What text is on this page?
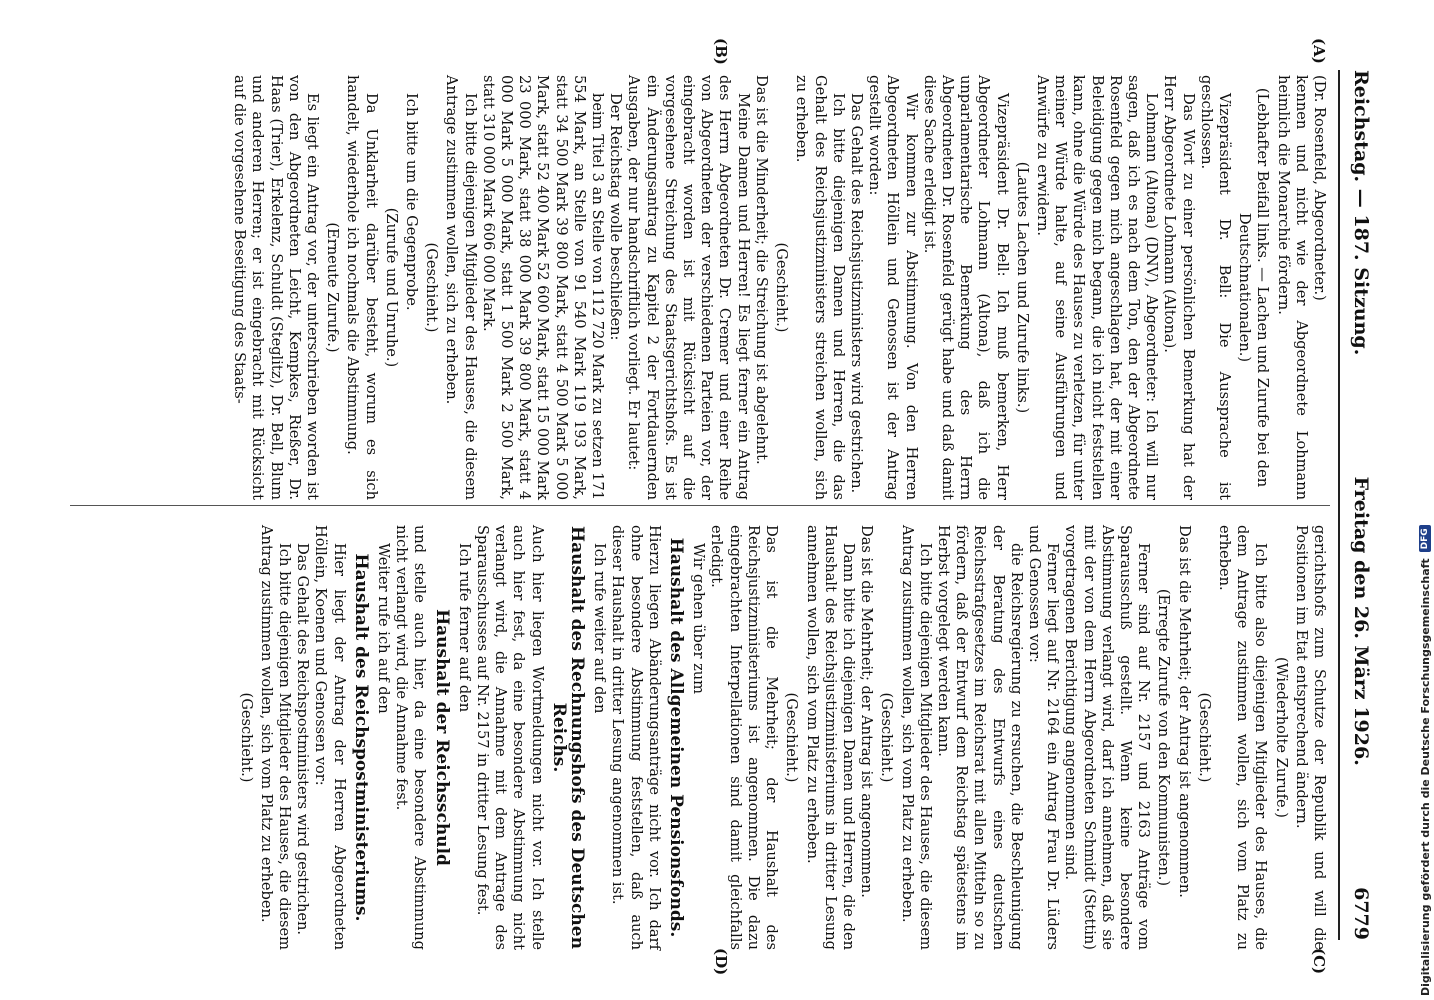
Reichstag. — 187. Sitzung.
Freitag den 26. März 1926.
6779
(A)
(B)
(C)
(D)

(Dr. Rosenfeld, Abgeordneter.)

kennen und nicht wie der Abgeordnete Lohmann heimlich die Monarchie fördern.

(Lebhafter Beifall links. — Lachen und Zurufe bei den Deutschnationalen.)

Vizepräsident Dr. Bell: Die Aussprache ist geschlossen.

Das Wort zu einer persönlichen Bemerkung hat der Herr Abgeordnete Lohmann (Altona).

Lohmann (Altona) (DNV), Abgeordneter: Ich will nur sagen, daß ich es nach dem Ton, den der Abgeordnete Rosenfeld gegen mich angeschlagen hat, der mit einer Beleidigung gegen mich begann, die ich nicht feststellen kann, ohne die Würde des Hauses zu verletzen, für unter meiner Würde halte, auf seine Ausführungen und Anwürfe zu erwidern.

(Lautes Lachen und Zurufe links.)

Vizepräsident Dr. Bell: Ich muß bemerken, Herr Abgeordneter Lohmann (Altona), daß ich die unparlamentarische Bemerkung des Herrn Abgeordneten Dr. Rosenfeld gerügt habe und daß damit diese Sache erledigt ist.

Wir kommen zur Abstimmung. Von den Herren Abgeordneten Höllein und Genossen ist der Antrag gestellt worden:

Das Gehalt des Reichsjustizministers wird gestrichen.

Ich bitte diejenigen Damen und Herren, die das Gehalt des Reichsjustizministers streichen wollen, sich zu erheben.

(Geschieht.)

Das ist die Minderheit; die Streichung ist abgelehnt.

Meine Damen und Herren! Es liegt ferner ein Antrag des Herrn Abgeordneten Dr. Cremer und einer Reihe von Abgeordneten der verschiedenen Parteien vor, der eingebracht worden ist mit Rücksicht auf die vorgesehene Streichung des Staatsgerichtshofs. Es ist ein Änderungsantrag zu Kapitel 2 der Fortdauernden Ausgaben, der nur handschriftlich vorliegt. Er lautet:

Der Reichstag wolle beschließen:

beim Titel 3 an Stelle von 112 720 Mark zu setzen 171 554 Mark, an Stelle von 91 540 Mark 119 193 Mark, statt 34 500 Mark 39 800 Mark, statt 4 500 Mark 5 000 Mark, statt 52 400 Mark 52 600 Mark, statt 15 000 Mark 23 000 Mark, statt 38 000 Mark 39 800 Mark, statt 4 000 Mark 5 000 Mark, statt 1 500 Mark 2 500 Mark, statt 310 000 Mark 606 000 Mark.

Ich bitte diejenigen Mitglieder des Hauses, die diesem Antrage zustimmen wollen, sich zu erheben.

(Geschieht.)

Ich bitte um die Gegenprobe.

(Zurufe und Unruhe.)

Da Unklarheit darüber besteht, worum es sich handelt, wiederhole ich nochmals die Abstimmung.

(Erneute Zurufe.)

Es liegt ein Antrag vor, der unterschrieben worden ist von den Abgeordneten Leicht, Kempkes, Rießer, Dr. Haas (Trier), Erkelenz, Schuldt (Steglitz), Dr. Bell, Blum und anderen Herren; er ist eingebracht mit Rücksicht auf die vorgesehene Beseitigung des Staats-

gerichtshofs zum Schutze der Republik und will die Positionen im Etat entsprechend ändern.

(Wiederholte Zurufe.)

Ich bitte also diejenigen Mitglieder des Hauses, die dem Antrage zustimmen wollen, sich vom Platz zu erheben.

(Geschieht.)

Das ist die Mehrheit; der Antrag ist angenommen.

(Erregte Zurufe von den Kommunisten.)

Ferner sind auf Nr. 2157 und 2163 Anträge vom Sparausschuß gestellt. Wenn keine besondere Abstimmung verlangt wird, darf ich annehmen, daß sie mit der von dem Herrn Abgeordneten Schmidt (Stettin) vorgetragenen Berichtigung angenommen sind.

Ferner liegt auf Nr. 2164 ein Antrag Frau Dr. Lüders und Genossen vor:

die Reichsregierung zu ersuchen, die Beschleunigung der Beratung des Entwurfs eines deutschen Reichsstrafgesetzes im Reichsrat mit allen Mitteln so zu fördern, daß der Entwurf dem Reichstag spätestens im Herbst vorgelegt werden kann.

Ich bitte diejenigen Mitglieder des Hauses, die diesem Antrag zustimmen wollen, sich vom Platz zu erheben.

(Geschieht.)

Das ist die Mehrheit; der Antrag ist angenommen.

Dann bitte ich diejenigen Damen und Herren, die den Haushalt des Reichsjustizministeriums in dritter Lesung annehmen wollen, sich vom Platz zu erheben.

(Geschieht.)

Das ist die Mehrheit; der Haushalt des Reichsjustizministeriums ist angenommen. Die dazu eingebrachten Interpellationen sind damit gleichfalls erledigt.

Wir gehen über zum

Haushalt des Allgemeinen Pensionsfonds.

Hierzu liegen Abänderungsanträge nicht vor. Ich darf ohne besondere Abstimmung feststellen, daß auch dieser Haushalt in dritter Lesung angenommen ist.

Ich rufe weiter auf den

Haushalt des Rechnungshofs des Deutschen Reichs.

Auch hier liegen Wortmeldungen nicht vor. Ich stelle auch hier fest, da eine besondere Abstimmung nicht verlangt wird, die Annahme mit dem Antrage des Sparausschusses auf Nr. 2157 in dritter Lesung fest.

Ich rufe ferner auf den

Haushalt der Reichsschuld

und stelle auch hier, da eine besondere Abstimmung nicht verlangt wird, die Annahme fest.

Weiter rufe ich auf den

Haushalt des Reichspostministeriums.

Hier liegt der Antrag der Herren Abgeordneten Höllein, Koenen und Genossen vor:

Das Gehalt des Reichspostministers wird gestrichen.

Ich bitte diejenigen Mitglieder des Hauses, die diesem Antrag zustimmen wollen, sich vom Platz zu erheben.

(Geschieht.)	Digitalisierung gefördert durch die Deutsche Forschungsgemeinschaft
DFG
